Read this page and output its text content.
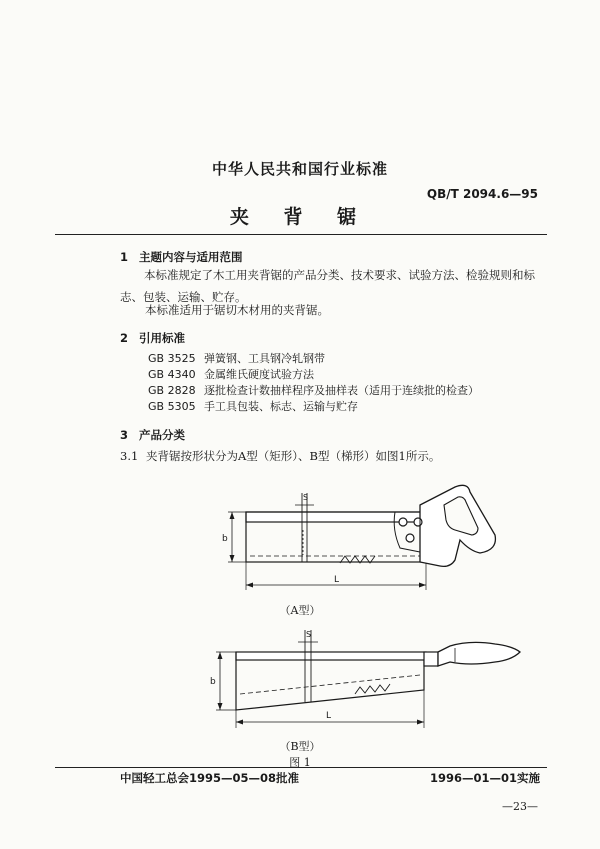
中华人民共和国行业标准
QB/T 2094.6—95
夹 背 锯
1 主题内容与适用范围
本标准规定了木工用夹背锯的产品分类、技术要求、试验方法、检验规则和标志、包装、运输、贮存。
本标准适用于锯切木材用的夹背锯。
2 引用标准
GB 3525 弹簧钢、工具钢冷轧钢带
GB 4340 金属维氏硬度试验方法
GB 2828 逐批检查计数抽样程序及抽样表（适用于连续批的检查）
GB 5305 手工具包装、标志、运输与贮存
3 产品分类
3.1 夹背锯按形状分为A型（矩形）、B型（梯形）如图1所示。
S
b
L
S
b
L
（A型）
（B型）
图 1
中国轻工总会1995—05—08批准	1996—01—01实施
—23—
